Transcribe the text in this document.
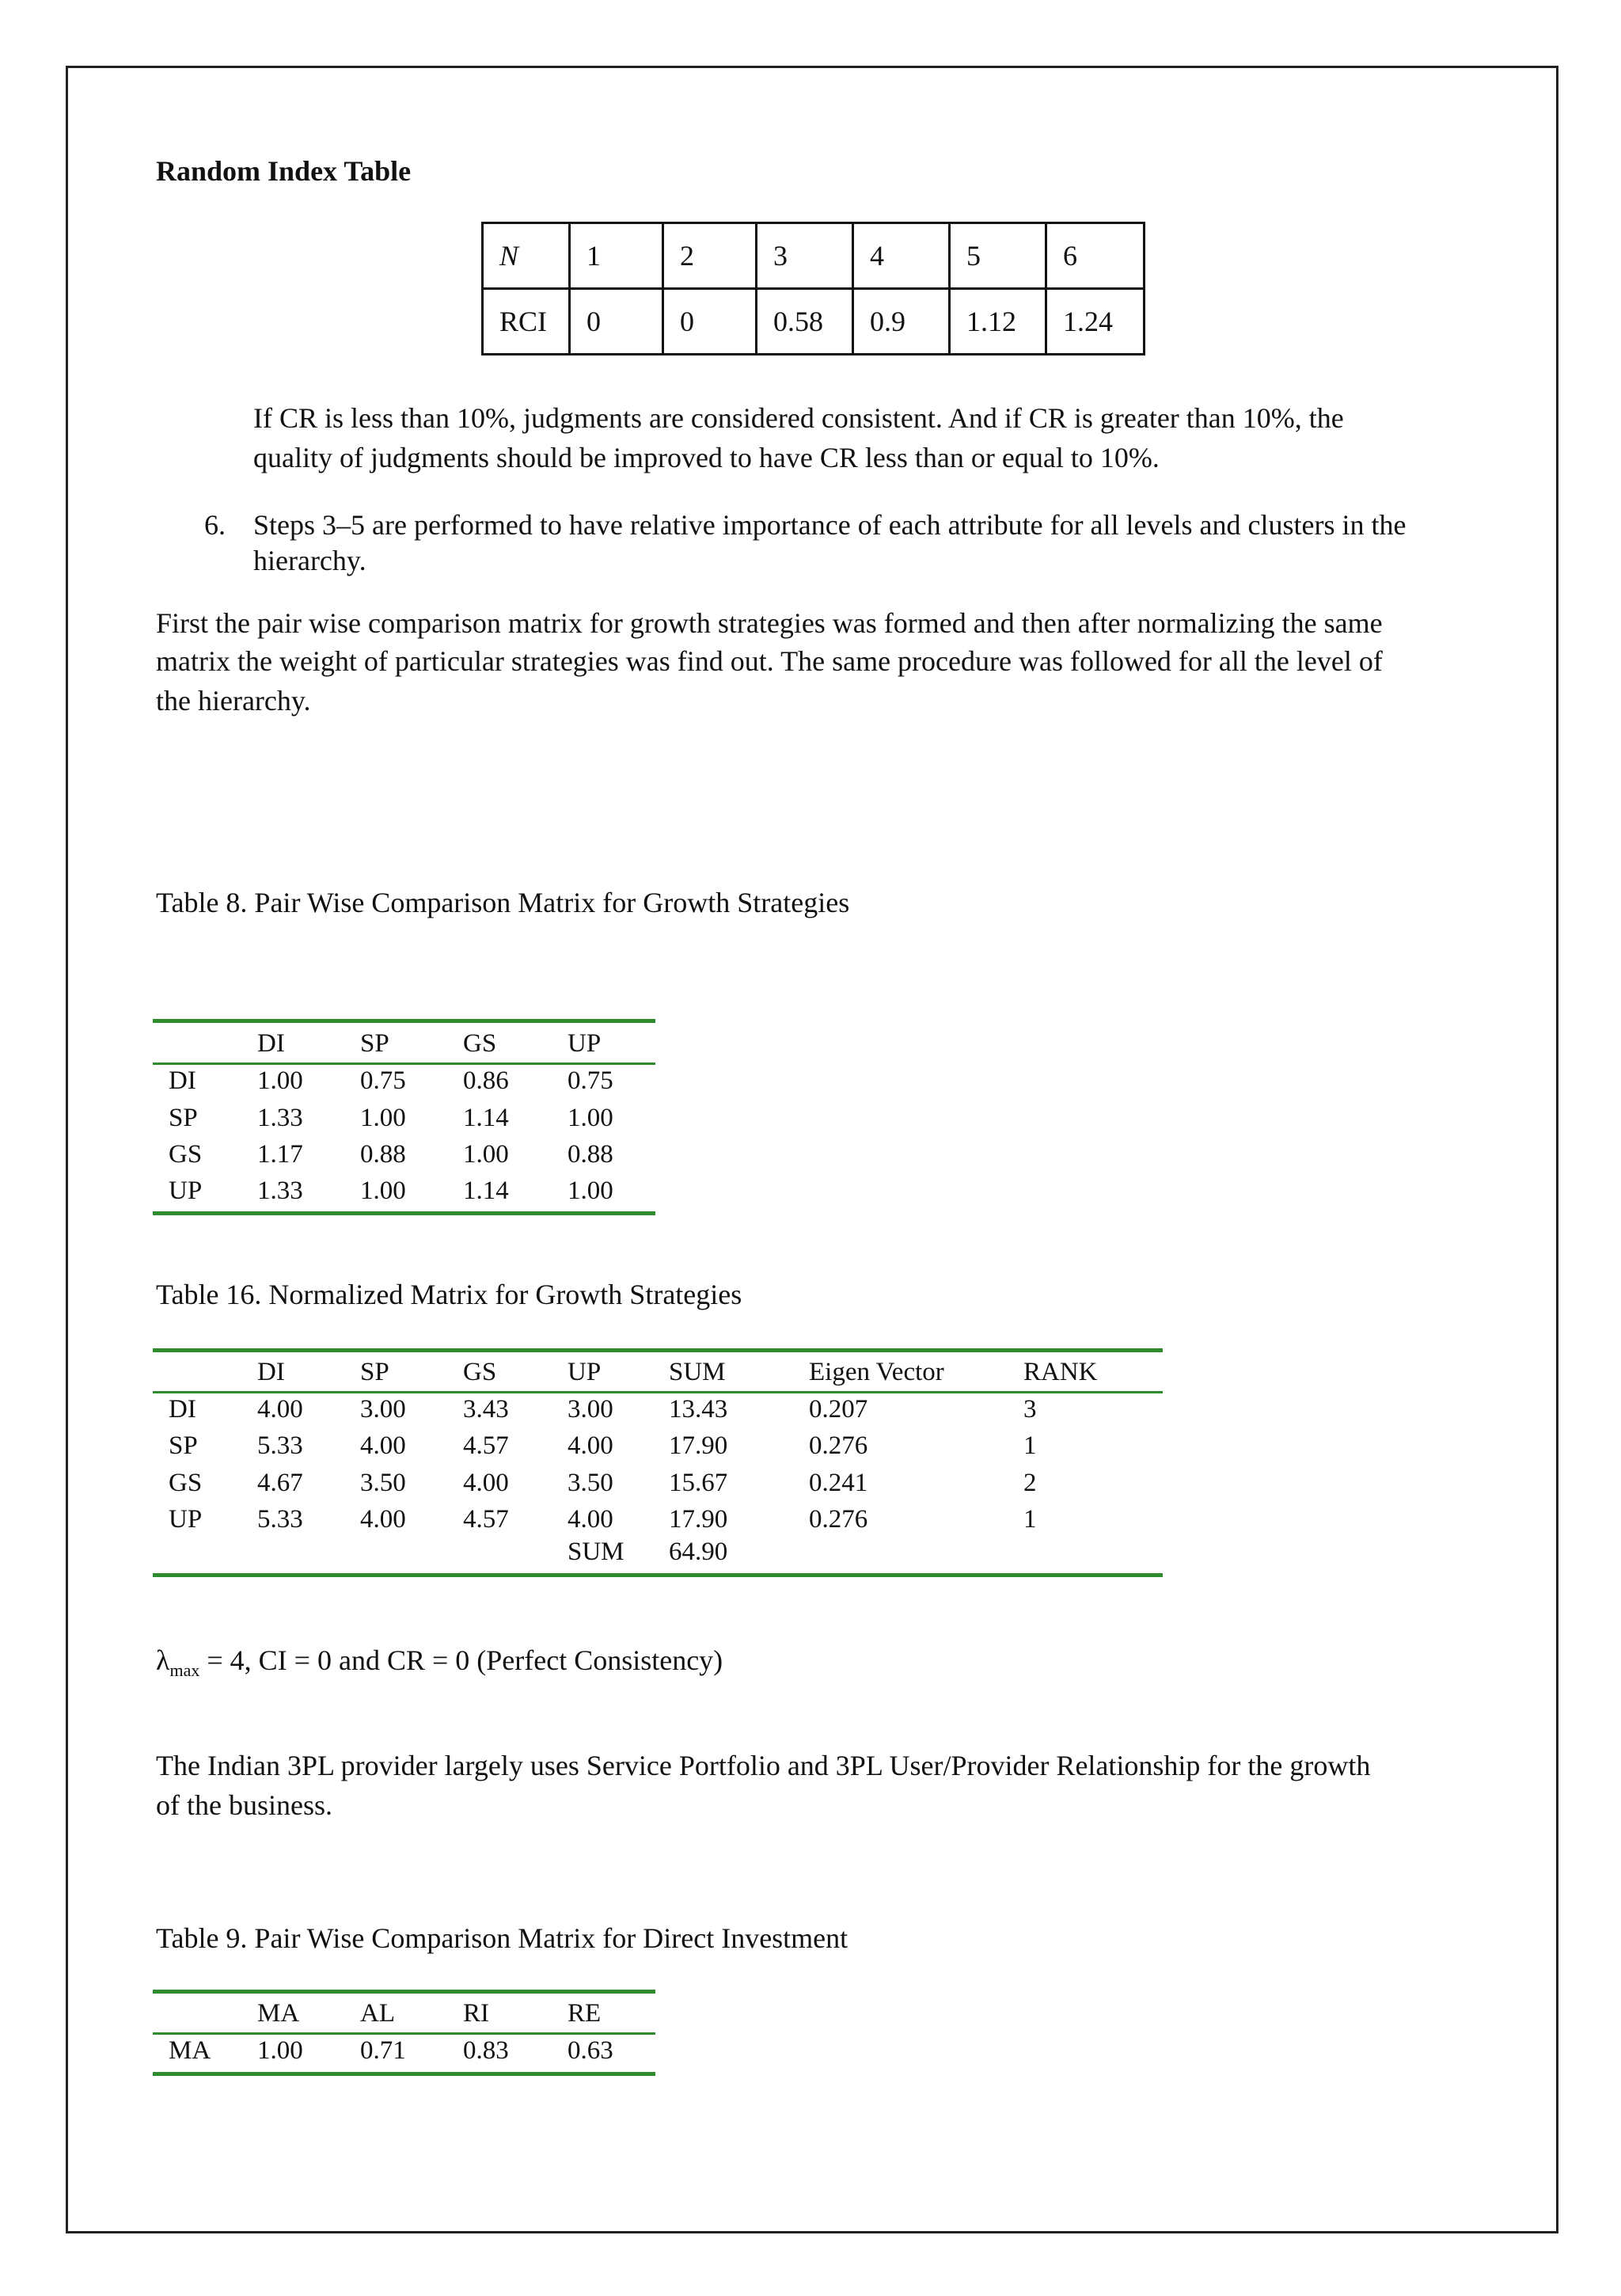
Random Index Table
N	1	2	3	4	5	6
RCI	0	0	0.58	0.9	1.12	1.24
If CR is less than 10%, judgments are considered consistent. And if CR is greater than 10%, the
quality of judgments should be improved to have CR less than or equal to 10%.
6. Steps 3–5 are performed to have relative importance of each attribute for all levels and clusters in the
hierarchy.
First the pair wise comparison matrix for growth strategies was formed and then after normalizing the same
matrix the weight of particular strategies was find out. The same procedure was followed for all the level of
the hierarchy.
Table 8. Pair Wise Comparison Matrix for Growth Strategies
DI	SP	GS	UP
DI 1.00 0.75 0.86 0.75
SP 1.33 1.00 1.14 1.00
GS 1.17 0.88 1.00 0.88
UP 1.33 1.00 1.14 1.00
Table 16. Normalized Matrix for Growth Strategies
DI	SP	GS	UP	SUM	Eigen Vector	RANK
DI 4.00 3.00 3.43 3.00 13.43	0.207	3
SP 5.33 4.00 4.57 4.00 17.90	0.276	1
GS 4.67 3.50 4.00 3.50 15.67	0.241	2
UP 5.33 4.00 4.57 4.00 17.90	0.276	1
SUM 64.90
$\lambda_{max} = 4$, CI = 0 and CR = 0 (Perfect Consistency)
The Indian 3PL provider largely uses Service Portfolio and 3PL User/Provider Relationship for the growth
of the business.
Table 9. Pair Wise Comparison Matrix for Direct Investment
MA AL	RI	RE
MA 1.00 0.71 0.83 0.63
